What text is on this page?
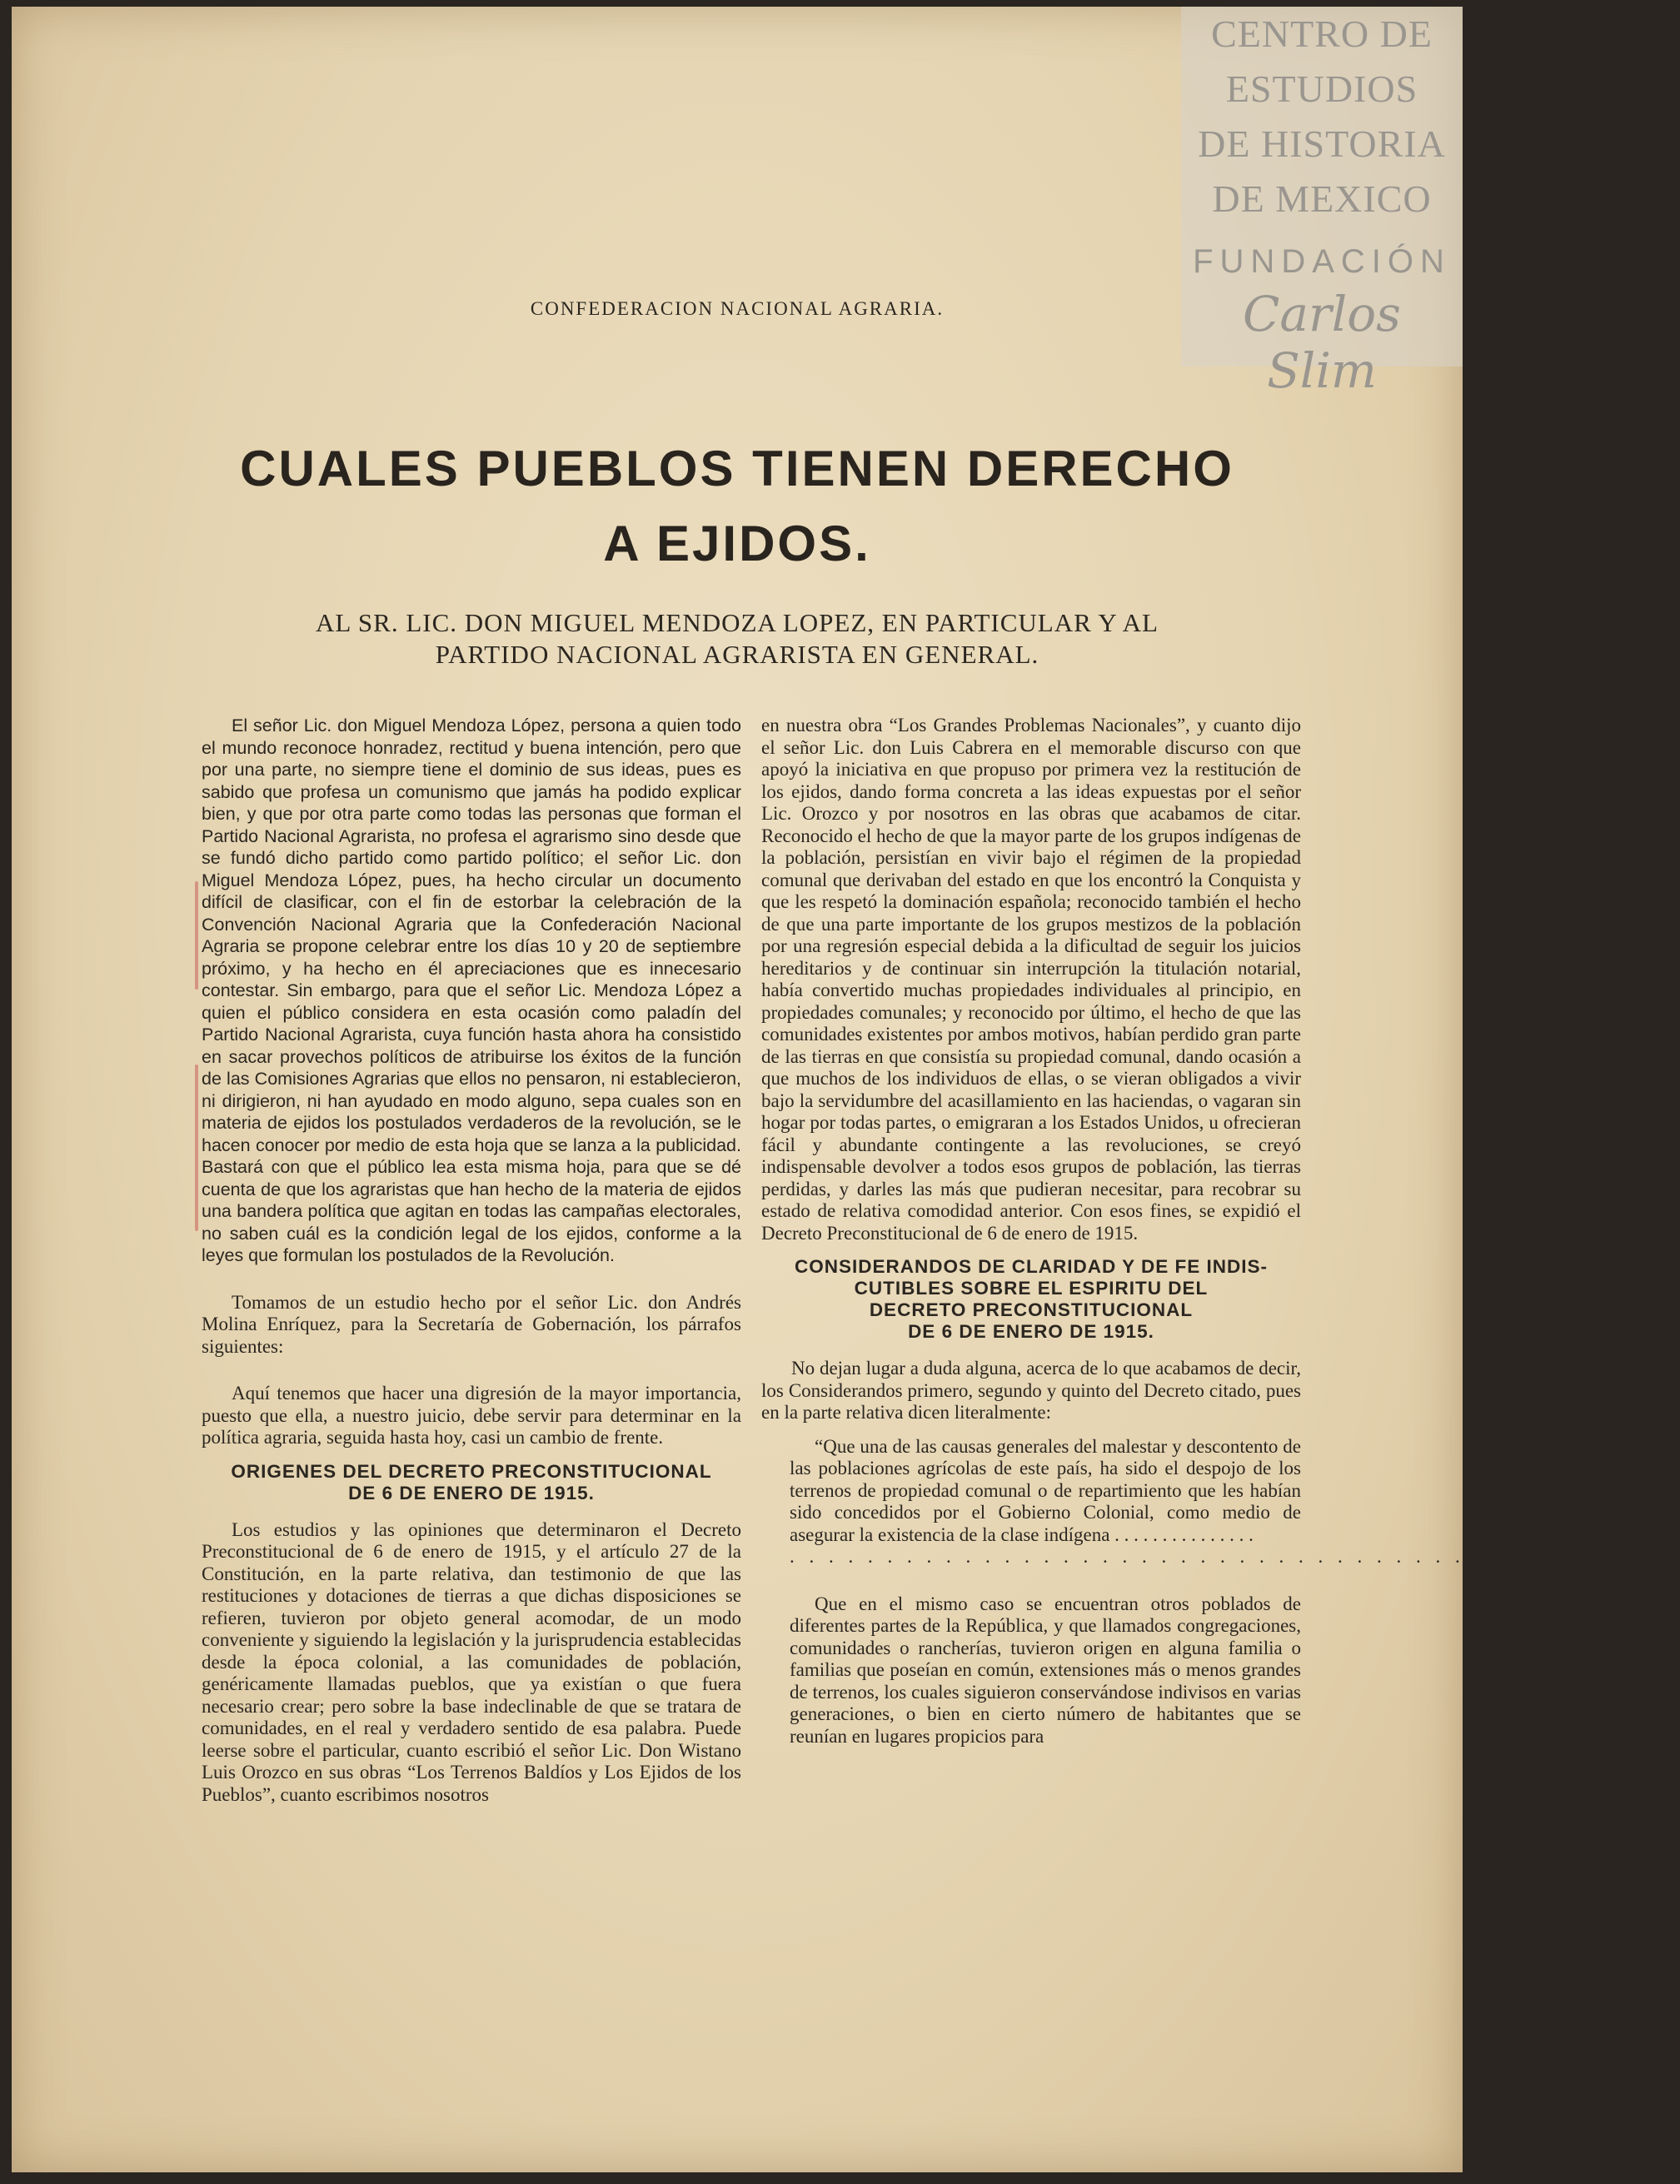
CENTRO DE
ESTUDIOS
DE HISTORIA
DE MEXICO
FUNDACIÓN
Carlos Slim
CONFEDERACION NACIONAL AGRARIA.
CUALES PUEBLOS TIENEN DERECHO
A EJIDOS.
AL SR. LIC. DON MIGUEL MENDOZA LOPEZ, EN PARTICULAR Y AL
PARTIDO NACIONAL AGRARISTA EN GENERAL.

El señor Lic. don Miguel Mendoza López, persona a quien todo el mundo reconoce honradez, rectitud y buena intención, pero que por una parte, no siempre tiene el dominio de sus ideas, pues es sabido que profesa un comunismo que jamás ha podido explicar bien, y que por otra parte como todas las personas que forman el Partido Nacional Agrarista, no profesa el agrarismo sino desde que se fundó dicho partido como partido político; el señor Lic. don Miguel Mendoza López, pues, ha hecho circular un documento difícil de clasificar, con el fin de estorbar la celebración de la Convención Nacional Agraria que la Confederación Nacional Agraria se propone celebrar entre los días 10 y 20 de septiembre próximo, y ha hecho en él apreciaciones que es innecesario contestar. Sin embargo, para que el señor Lic. Mendoza López a quien el público considera en esta ocasión como paladín del Partido Nacional Agrarista, cuya función hasta ahora ha consistido en sacar provechos políticos de atribuirse los éxitos de la función de las Comisiones Agrarias que ellos no pensaron, ni establecieron, ni dirigieron, ni han ayudado en modo alguno, sepa cuales son en materia de ejidos los postulados verdaderos de la revolución, se le hacen conocer por medio de esta hoja que se lanza a la publicidad. Bastará con que el público lea esta misma hoja, para que se dé cuenta de que los agraristas que han hecho de la materia de ejidos una bandera política que agitan en todas las campañas electorales, no saben cuál es la condición legal de los ejidos, conforme a la leyes que formulan los postulados de la Revolución.

Tomamos de un estudio hecho por el señor Lic. don Andrés Molina Enríquez, para la Secretaría de Gobernación, los párrafos siguientes:

Aquí tenemos que hacer una digresión de la mayor importancia, puesto que ella, a nuestro juicio, debe servir para determinar en la política agraria, seguida hasta hoy, casi un cambio de frente.

ORIGENES DEL DECRETO PRECONSTITUCIONAL
DE 6 DE ENERO DE 1915.

Los estudios y las opiniones que determinaron el Decreto Preconstitucional de 6 de enero de 1915, y el artículo 27 de la Constitución, en la parte relativa, dan testimonio de que las restituciones y dotaciones de tierras a que dichas disposiciones se refieren, tuvieron por objeto general acomodar, de un modo conveniente y siguiendo la legislación y la jurisprudencia establecidas desde la época colonial, a las comunidades de población, genéricamente llamadas pueblos, que ya existían o que fuera necesario crear; pero sobre la base indeclinable de que se tratara de comunidades, en el real y verdadero sentido de esa palabra. Puede leerse sobre el particular, cuanto escribió el señor Lic. Don Wistano Luis Orozco en sus obras “Los Terrenos Baldíos y Los Ejidos de los Pueblos”, cuanto escribimos nosotros

en nuestra obra “Los Grandes Problemas Nacionales”, y cuanto dijo el señor Lic. don Luis Cabrera en el memorable discurso con que apoyó la iniciativa en que propuso por primera vez la restitución de los ejidos, dando forma concreta a las ideas expuestas por el señor Lic. Orozco y por nosotros en las obras que acabamos de citar. Reconocido el hecho de que la mayor parte de los grupos indígenas de la población, persistían en vivir bajo el régimen de la propiedad comunal que derivaban del estado en que los encontró la Conquista y que les respetó la dominación española; reconocido también el hecho de que una parte importante de los grupos mestizos de la población por una regresión especial debida a la dificultad de seguir los juicios hereditarios y de continuar sin interrupción la titulación notarial, había convertido muchas propiedades individuales al principio, en propiedades comunales; y reconocido por último, el hecho de que las comunidades existentes por ambos motivos, habían perdido gran parte de las tierras en que consistía su propiedad comunal, dando ocasión a que muchos de los individuos de ellas, o se vieran obligados a vivir bajo la servidumbre del acasillamiento en las haciendas, o vagaran sin hogar por todas partes, o emigraran a los Estados Unidos, u ofrecieran fácil y abundante contingente a las revoluciones, se creyó indispensable devolver a todos esos grupos de población, las tierras perdidas, y darles las más que pudieran necesitar, para recobrar su estado de relativa comodidad anterior. Con esos fines, se expidió el Decreto Preconstitucional de 6 de enero de 1915.

CONSIDERANDOS DE CLARIDAD Y DE FE INDIS-
CUTIBLES SOBRE EL ESPIRITU DEL
DECRETO PRECONSTITUCIONAL
DE 6 DE ENERO DE 1915.

No dejan lugar a duda alguna, acerca de lo que acabamos de decir, los Considerandos primero, segundo y quinto del Decreto citado, pues en la parte relativa dicen literalmente:

“Que una de las causas generales del malestar y descontento de las poblaciones agrícolas de este país, ha sido el despojo de los terrenos de propiedad comunal o de repartimiento que les habían sido concedidos por el Gobierno Colonial, como medio de asegurar la existencia de la clase indígena . . . . . . . . . . . . . . .

. . . . . . . . . . . . . . . . . . . . . . . . . . . . . . . . . . . . . . . . . . . . . .

Que en el mismo caso se encuentran otros poblados de diferentes partes de la República, y que llamados congregaciones, comunidades o rancherías, tuvieron origen en alguna familia o familias que poseían en común, extensiones más o menos grandes de terrenos, los cuales siguieron conservándose indivisos en varias generaciones, o bien en cierto número de habitantes que se reunían en lugares propicios para
